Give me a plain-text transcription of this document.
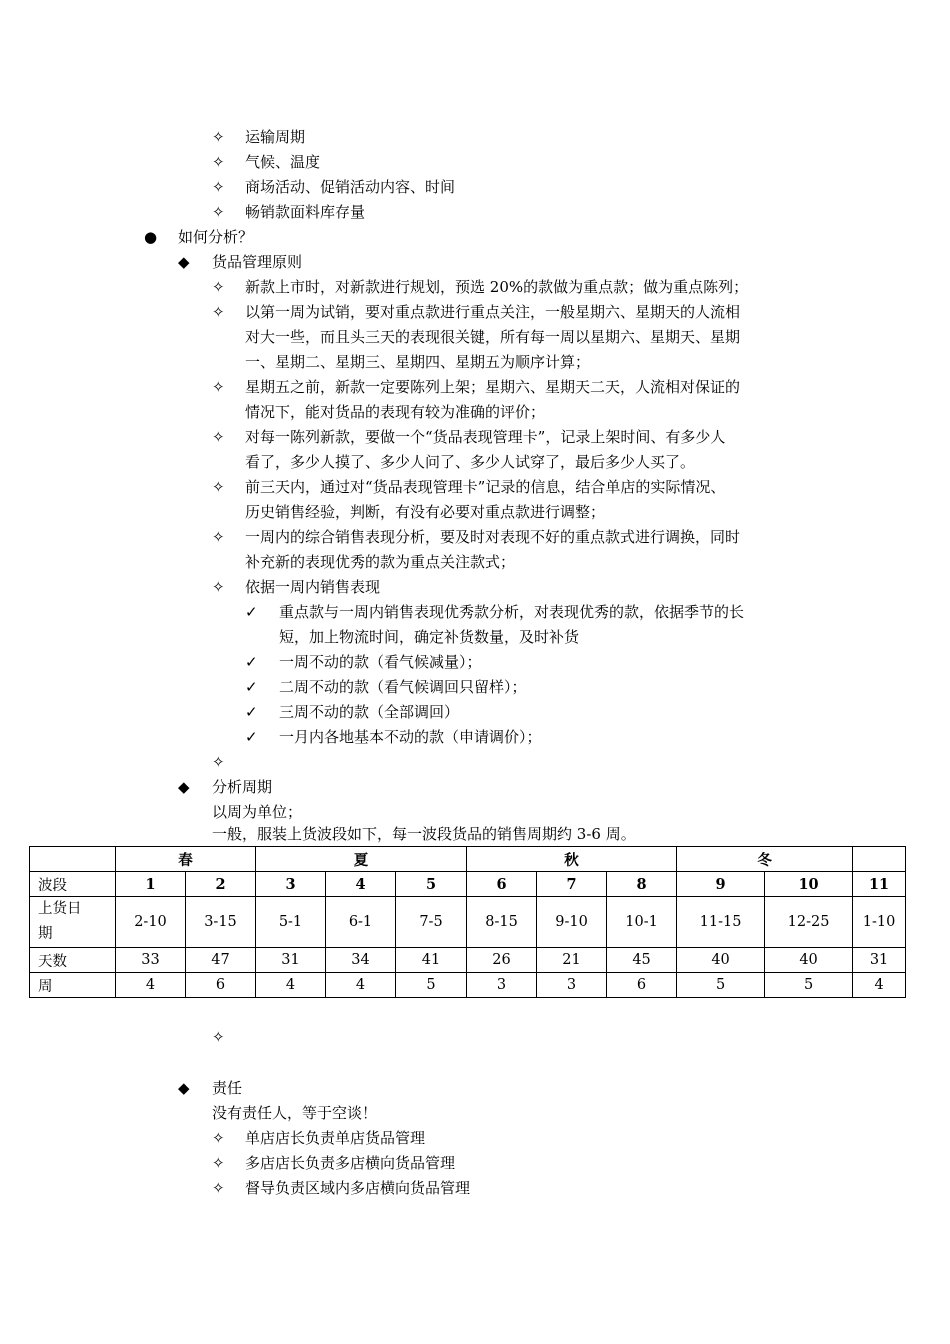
✧	运输周期
✧	气候、温度
✧	商场活动、促销活动内容、时间
✧	畅销款面料库存量
●	如何分析？
◆	货品管理原则
✧	新款上市时，对新款进行规划，预选 20%的款做为重点款；做为重点陈列；
✧	以第一周为试销，要对重点款进行重点关注，一般星期六、星期天的人流相
对大一些，而且头三天的表现很关键，所有每一周以星期六、星期天、星期
一、星期二、星期三、星期四、星期五为顺序计算；
✧	星期五之前，新款一定要陈列上架；星期六、星期天二天，人流相对保证的
情况下，能对货品的表现有较为准确的评价；
✧	对每一陈列新款，要做一个“货品表现管理卡”，记录上架时间、有多少人
看了，多少人摸了、多少人问了、多少人试穿了，最后多少人买了。
✧	前三天内，通过对“货品表现管理卡”记录的信息，结合单店的实际情况、
历史销售经验，判断，有没有必要对重点款进行调整；
✧	一周内的综合销售表现分析，要及时对表现不好的重点款式进行调换，同时
补充新的表现优秀的款为重点关注款式；
✧	依据一周内销售表现
✓	重点款与一周内销售表现优秀款分析，对表现优秀的款，依据季节的长
短，加上物流时间，确定补货数量，及时补货
✓	一周不动的款（看气候减量）；
✓	二周不动的款（看气候调回只留样）；
✓	三周不动的款（全部调回）
✓	一月内各地基本不动的款（申请调价）；
✧
◆	分析周期
以周为单位；
一般，服装上货波段如下，每一波段货品的销售周期约 3-6 周。
	春		夏			秋			冬		
波段	1	2	3	4	5	6	7	8	9	10	11
上货日
期	2-10	3-15	5-1	6-1	7-5	8-15	9-10	10-1	11-15	12-25	1-10
天数	33	47	31	34	41	26	21	45	40	40	31
周	4	6	4	4	5	3	3	6	5	5	4
✧
◆	责任
没有责任人，等于空谈！
✧	单店店长负责单店货品管理
✧	多店店长负责多店横向货品管理
✧	督导负责区域内多店横向货品管理
